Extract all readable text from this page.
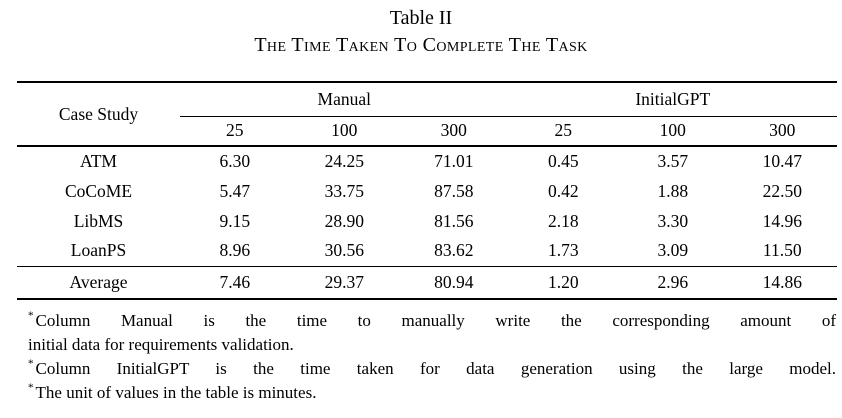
Table II
The Time Taken To Complete The Task
Case Study	Manual			InitialGPT		
	25	100	300	25	100	300
ATM	6.30	24.25	71.01	0.45	3.57	10.47
CoCoME	5.47	33.75	87.58	0.42	1.88	22.50
LibMS	9.15	28.90	81.56	2.18	3.30	14.96
LoanPS	8.96	30.56	83.62	1.73	3.09	11.50
Average	7.46	29.37	80.94	1.20	2.96	14.86
* Column Manual is the time to manually write the corresponding amount of
initial data for requirements validation.
* Column InitialGPT is the time taken for data generation using the large model.
* The unit of values in the table is minutes.
